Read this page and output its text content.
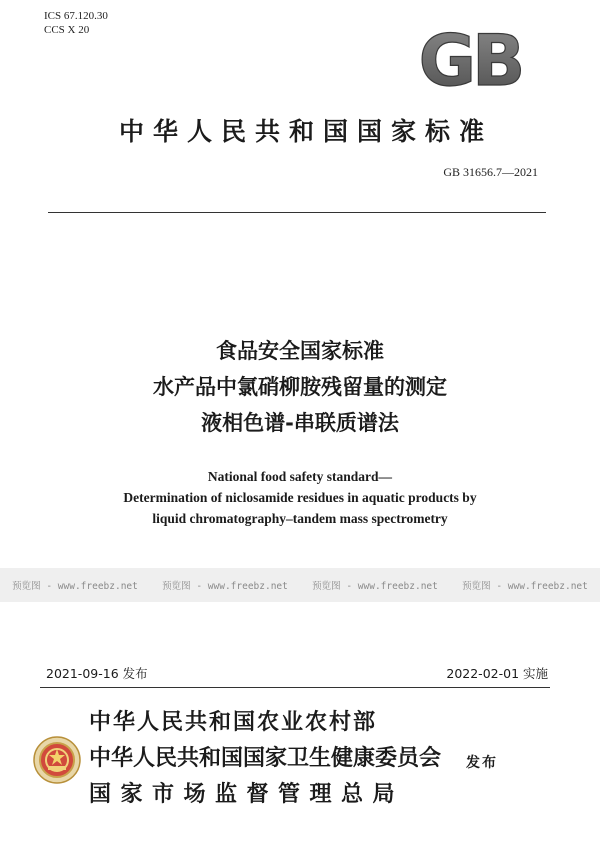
ICS 67.120.30
CCS X 20	GB
中华人民共和国国家标准
GB 31656.7—2021
食品安全国家标准
水产品中氯硝柳胺残留量的测定
液相色谱-串联质谱法
National food safety standard—
Determination of niclosamide residues in aquatic products by
liquid chromatography–tandem mass spectrometry
预览图 - www.freebz.net	预览图 - www.freebz.net	预览图 - www.freebz.net	预览图 - www.freebz.net
2021-09-16 发布	2022-02-01 实施
中华人民共和国农业农村部
中华人民共和国国家卫生健康委员会
国家市场监督管理总局
发布
